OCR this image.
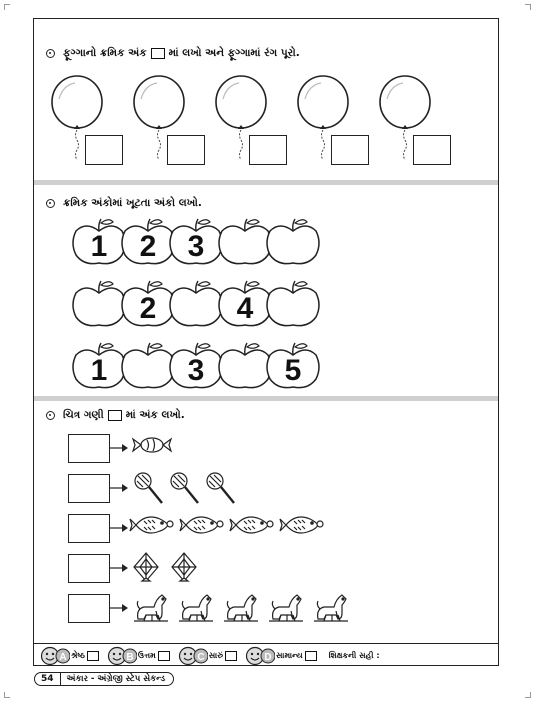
ફૂગ્ગાનો ક્રમિક અંક માં લખો અને ફૂગ્ગામાં રંગ પૂરો.
ક્રમિક અંકોમાં ખૂટતા અંકો લખો.
1 2 3
2	4
1	3	5
ચિત્ર ગણી માં અંક લખો.
A શ્રેષ્ઠ	B ઉત્તમ	C સારું	D સામાન્ય	શિક્ષકની સહી :
54	અંકાર - અંગ્રેજી સ્ટેપ સેકન્ડ
